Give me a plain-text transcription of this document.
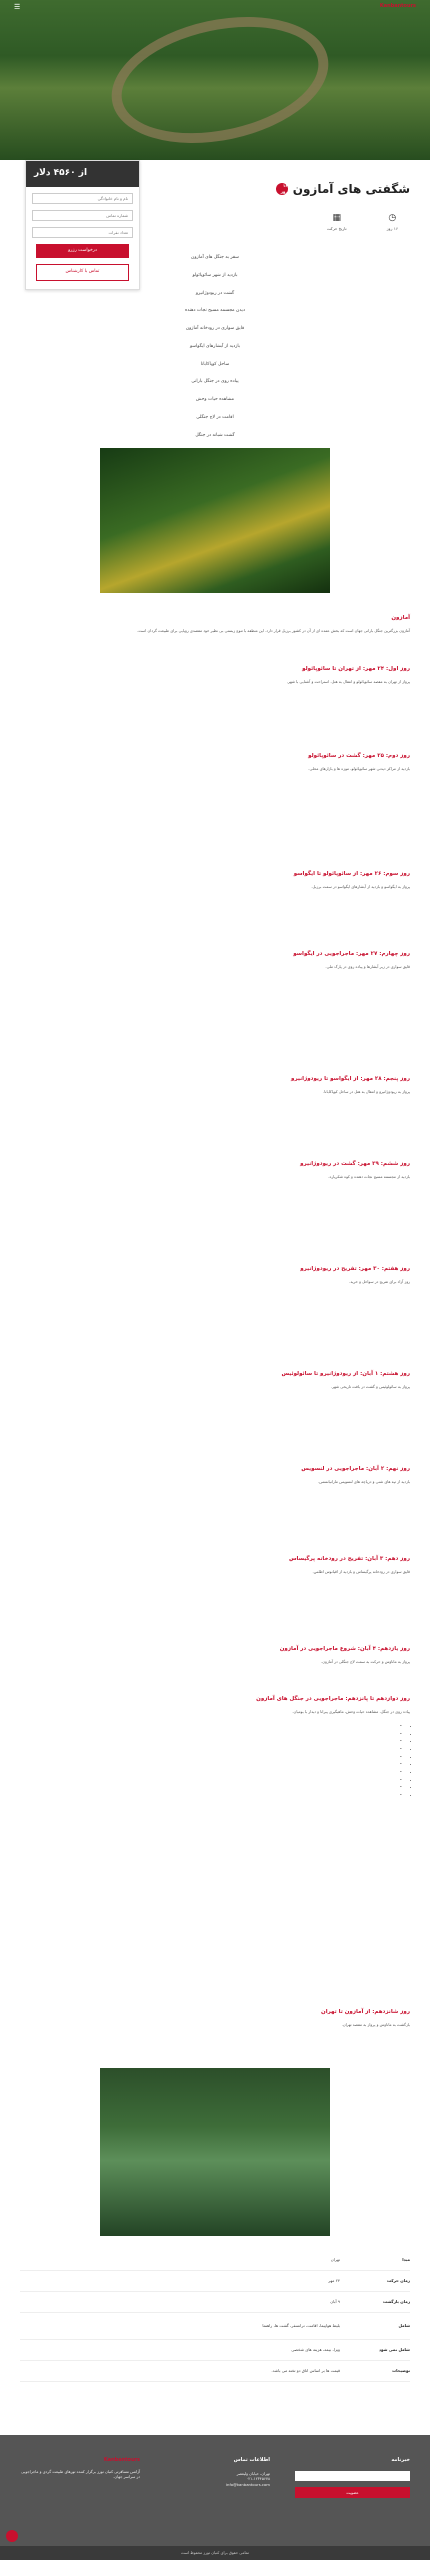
Kanbantours
☰
از ۴۵۶۰ دلار
نام و نام خانوادگی
شماره تماس
تعداد نفرات
درخواست رزرو
تماس با کارشناس
شگفتی های آمازون
۱۶ روز
◷
۱۶ روز
▦
تاریخ حرکت
سفر به جنگل های آمازون
بازدید از شهر سائوپائولو
گشت در ریودوژانیرو
دیدن مجسمه مسیح نجات دهنده
قایق سواری در رودخانه آمازون
بازدید از آبشارهای ایگواسو
ساحل کوپاکابانا
پیاده روی در جنگل بارانی
مشاهده حیات وحش
اقامت در لاج جنگلی
گشت شبانه در جنگل
آمازون
آمازون بزرگترین جنگل بارانی جهان است که بخش عمده ای از آن در کشور برزیل قرار دارد. این منطقه با تنوع زیستی بی نظیر خود مقصدی رویایی برای طبیعت گردان است.
روز اول: ۲۴ مهر: از تهران تا سائوپائولو
پرواز از تهران به مقصد سائوپائولو و انتقال به هتل. استراحت و آشنایی با شهر.
روز دوم: ۲۵ مهر: گشت در سائوپائولو
بازدید از مراکز دیدنی شهر سائوپائولو، موزه ها و بازارهای محلی.
روز سوم: ۲۶ مهر: از سائوپائولو تا ایگواسو
پرواز به ایگواسو و بازدید از آبشارهای ایگواسو در سمت برزیل.
روز چهارم: ۲۷ مهر: ماجراجویی در ایگواسو
قایق سواری در زیر آبشارها و پیاده روی در پارک ملی.
روز پنجم: ۲۸ مهر: از ایگواسو تا ریودوژانیرو
پرواز به ریودوژانیرو و انتقال به هتل در ساحل کوپاکابانا.
روز ششم: ۲۹ مهر: گشت در ریودوژانیرو
بازدید از مجسمه مسیح نجات دهنده و کوه شکرپاره.
روز هفتم: ۳۰ مهر: تفریح در ریودوژانیرو
روز آزاد برای تفریح در سواحل و خرید.
روز هشتم: ۱ آبان: از ریودوژانیرو تا سائولوئیس
پرواز به سائولوئیس و گشت در بافت تاریخی شهر.
روز نهم: ۲ آبان: ماجراجویی در لنسویس
بازدید از تپه های شنی و دریاچه های لنسویس مارانیانسس.
روز دهم: ۳ آبان: تفریح در رودخانه پرگیساس
قایق سواری در رودخانه پرگیساس و بازدید از اقیانوس اطلس.
روز یازدهم: ۴ آبان: شروع ماجراجویی در آمازون
پرواز به ماناوس و حرکت به سمت لاج جنگلی در آمازون.
روز دوازدهم تا پانزدهم: ماجراجویی در جنگل های آمازون
پیاده روی در جنگل، مشاهده حیات وحش، ماهیگیری پیرانا و دیدار با بومیان.
• •
• •
• •
• •
• •
• •
• •
• •
• •
• •
روز شانزدهم: از آمازون تا تهران
بازگشت به ماناوس و پرواز به مقصد تهران.
مبدا
تهران
زمان حرکت
۲۴ مهر
زمان بازگشت
۹ آبان
شامل
بلیط هواپیما، اقامت، ترانسفر، گشت ها، راهنما
شامل نمی شود
ویزا، بیمه، هزینه های شخصی
توضیحات
قیمت ها بر اساس اتاق دو تخته می باشد.
خبرنامه
عضویت
اطلاعات تماس
تهران، خیابان ولیعصر
۰۲۱-۱۲۳۴۵۶۷۸
info@kanbantours.com
Kanbantours
آژانس مسافرتی کنبان تورز برگزار کننده تورهای طبیعت گردی و ماجراجویی در سراسر جهان.
تمامی حقوق برای کنبان تورز محفوظ است
